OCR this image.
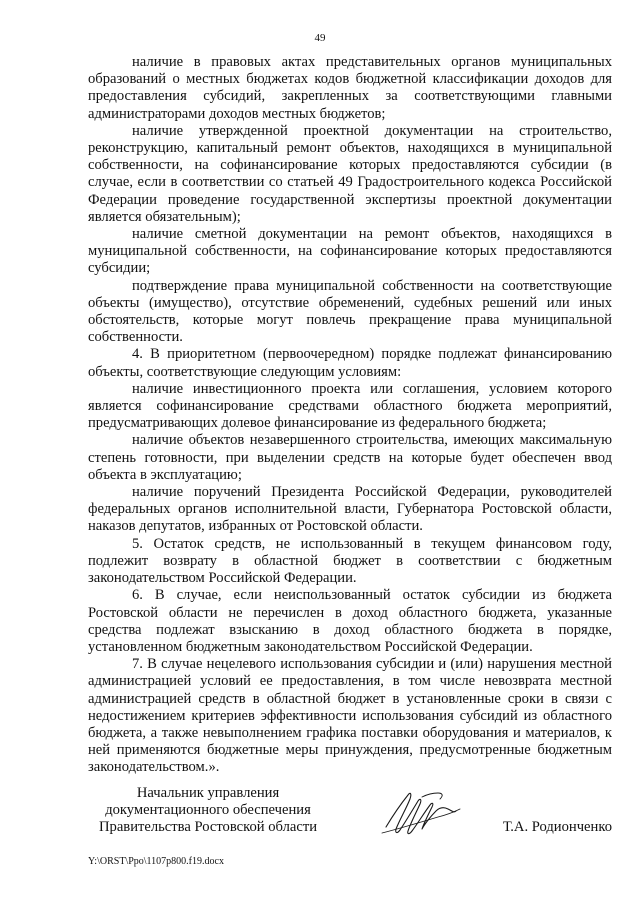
49

наличие в правовых актах представительных органов муниципальных образований о местных бюджетах кодов бюджетной классификации доходов для предоставления субсидий, закрепленных за соответствующими главными администраторами доходов местных бюджетов;

наличие утвержденной проектной документации на строительство, реконструкцию, капитальный ремонт объектов, находящихся в муниципальной собственности, на софинансирование которых предоставляются субсидии (в случае, если в соответствии со статьей 49 Градостроительного кодекса Российской Федерации проведение государственной экспертизы проектной документации является обязательным);

наличие сметной документации на ремонт объектов, находящихся в муниципальной собственности, на софинансирование которых предоставляются субсидии;

подтверждение права муниципальной собственности на соответствующие объекты (имущество), отсутствие обременений, судебных решений или иных обстоятельств, которые могут повлечь прекращение права муниципальной собственности.

4. В приоритетном (первоочередном) порядке подлежат финансированию объекты, соответствующие следующим условиям:

наличие инвестиционного проекта или соглашения, условием которого является софинансирование средствами областного бюджета мероприятий, предусматривающих долевое финансирование из федерального бюджета;

наличие объектов незавершенного строительства, имеющих максимальную степень готовности, при выделении средств на которые будет обеспечен ввод объекта в эксплуатацию;

наличие поручений Президента Российской Федерации, руководителей федеральных органов исполнительной власти, Губернатора Ростовской области, наказов депутатов, избранных от Ростовской области.

5. Остаток средств, не использованный в текущем финансовом году, подлежит возврату в областной бюджет в соответствии с бюджетным законодательством Российской Федерации.

6. В случае, если неиспользованный остаток субсидии из бюджета Ростовской области не перечислен в доход областного бюджета, указанные средства подлежат взысканию в доход областного бюджета в порядке, установленном бюджетным законодательством Российской Федерации.

7. В случае нецелевого использования субсидии и (или) нарушения местной администрацией условий ее предоставления, в том числе невозврата местной администрацией средств в областной бюджет в установленные сроки в связи с недостижением критериев эффективности использования субсидий из областного бюджета, а также невыполнением графика поставки оборудования и материалов, к ней применяются бюджетные меры принуждения, предусмотренные бюджетным законодательством.».

Начальник управления
документационного обеспечения
Правительства Ростовской области	Т.А. Родионченко
Y:\ORST\Ppo\1107p800.f19.docx
